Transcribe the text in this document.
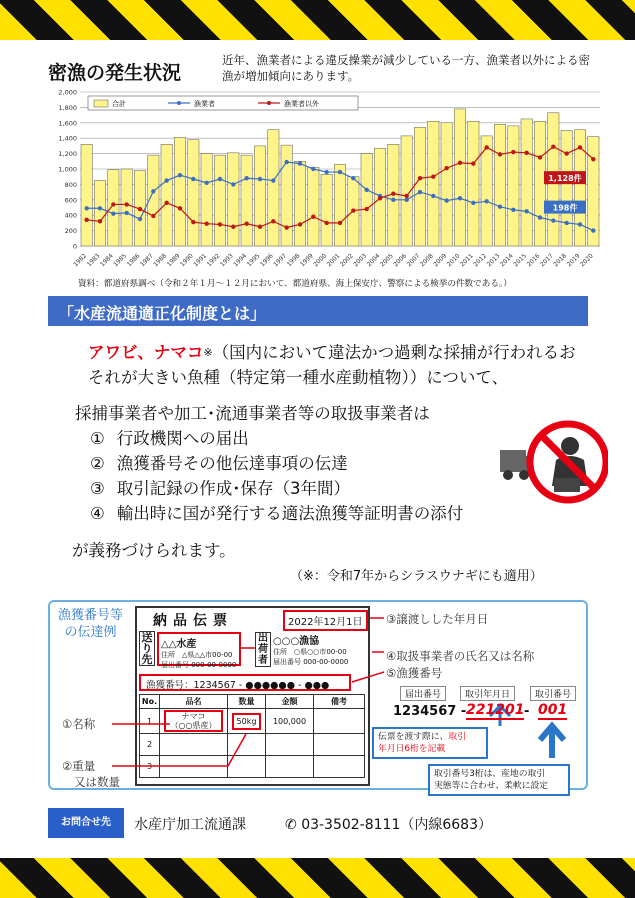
密漁の発生状況
近年、漁業者による違反操業が減少している一方、漁業者以外による密漁が増加傾向にあります。
0
200
400
600
800
1,000
1,200
1,400
1,600
1,800
2,000
1982
1983
1984
1985
1986
1987
1988
1989
1990
1991
1992
1993
1994
1995
1996
1997
1998
1999
2000
2001
2002
2003
2004
2005
2006
2007
2008
2009
2010
2011
2012
2013
2014
2015
2016
2017
2018
2019
2020
合計	漁業者	漁業者以外
1,128件
198件
資料：都道府県調べ（令和２年１月～１２月において、都道府県、海上保安庁、警察による検挙の件数である。）
「水産流通適正化制度とは」
アワビ、ナマコ※（国内において違法かつ過剰な採捕が行われるおそれが大きい魚種（特定第一種水産動植物））について、
採捕事業者や加工･流通事業者等の取扱事業者は
① 行政機関への届出
② 漁獲番号その他伝達事項の伝達
③ 取引記録の作成･保存（3年間）
④ 輸出時に国が発行する適法漁獲等証明書の添付
が義務づけられます。
（※：令和7年からシラスウナギにも適用）
漁獲番号等
の伝達例
納品伝票	2022年12月1日
送り先
△△水産
住所　△県△△市00-00
届出番号 000-00-0000
出荷者
○○○漁協
住所　○県○○市00-00
届出番号 000-00-0000
漁獲番号：1234567 - ●●●●●● - ●●●
No.	品名	数量	金額	備考
1	ナマコ
（○○県産）	50kg	100,000	
2				
3				
③譲渡しした年月日
④取扱事業者の氏名又は名称
⑤漁獲番号
①名称
②重量
又は数量
届出番号	取引年月日	取引番号
1234567 - 221201 - 001
伝票を渡す際に、取引
年月日6桁を記載
取引番号3桁は、産地の取引
実態等に合わせ、柔軟に設定
お問合せ先	水産庁加工流通課	✆ 03-3502-8111（内線6683）
